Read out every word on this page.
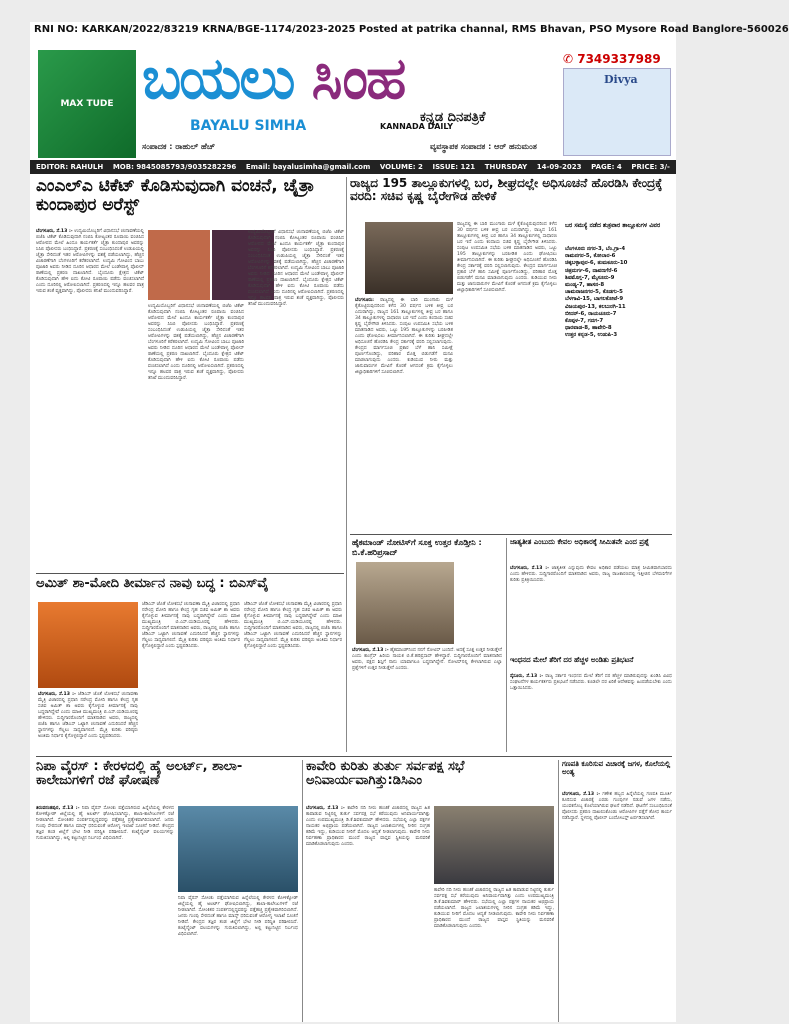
RNI NO: KARKAN/2022/83219 KRNA/BGE-1174/2023-2025 Posted at patrika channal, RMS Bhavan, PSO Mysore Road Banglore-560026
MAX TUDE ಬಯಲು ಸಿಂಹ
ಕನ್ನಡ ದಿನಪತ್ರಿಕೆ
BAYALU SIMHA	KANNADA DAILY
ಸಂಪಾದಕ : ರಾಹುಲ್ ಹೆಚ್	ವ್ಯವಸ್ಥಾಪಕ ಸಂಪಾದಕ : ಆರ್ ಹನುಮಂತ
✆ 7349337989
Divya
EDITOR: RAHULH MOB: 9845085793/9035282296 Email: bayalusimha@gmail.com VOLUME: 2 ISSUE: 121 THURSDAY 14-09-2023 PAGE: 4 PRICE: 3/-
ಎಂಎಲ್‌ಎ ಟಿಕೆಟ್ ಕೊಡಿಸುವುದಾಗಿ ವಂಚನೆ, ಚೈತ್ರಾ ಕುಂದಾಪುರ ಅರೆಸ್ಟ್
ಬೆಂಗಳೂರು, ಸೆ.13 :- ಉದ್ಯಮಿಯೊಬ್ಬರಿಗೆ ವಿಧಾನಸಭೆ ಚುನಾವಣೆಯಲ್ಲಿ ಬಿಜೆಪಿ ಟಿಕೆಟ್ ಕೊಡಿಸುವುದಾಗಿ ನಂಬಿಸಿ ಕೋಟ್ಯಂತರ ರೂಪಾಯಿ ವಂಚಿಸಿದ ಆರೋಪದ ಮೇಲೆ ಹಿಂದೂ ಕಾರ್ಯಕರ್ತೆ ಚೈತ್ರಾ ಕುಂದಾಪುರ ಅವರನ್ನು ಸಿಸಿಬಿ ಪೊಲೀಸರು ಬಂಧಿಸಿದ್ದಾರೆ. ಪ್ರಕರಣಕ್ಕೆ ಸಂಬಂಧಿಸಿದಂತೆ ಉಡುಪಿಯಲ್ಲಿ ಚೈತ್ರಾ ಸೇರಿದಂತೆ ಇತರ ಆರೋಪಿಗಳನ್ನು ವಶಕ್ಕೆ ಪಡೆಯಲಾಗಿದ್ದು, ಹೆಚ್ಚಿನ ವಿಚಾರಣೆಗಾಗಿ ಬೆಂಗಳೂರಿಗೆ ಕರೆತರಲಾಗಿದೆ. ಉದ್ಯಮಿ ಗೋವಿಂದ ಬಾಬು ಪೂಜಾರಿ ಅವರು ನೀಡಿದ ದೂರಿನ ಆಧಾರದ ಮೇಲೆ ಬಂಡೇಪಾಳ್ಯ ಪೊಲೀಸ್ ಠಾಣೆಯಲ್ಲಿ ಪ್ರಕರಣ ದಾಖಲಾಗಿದೆ. ಬೈಂದೂರು ಕ್ಷೇತ್ರದ ಟಿಕೆಟ್ ಕೊಡಿಸುವುದಾಗಿ ಹೇಳಿ ಐದು ಕೋಟಿ ರೂಪಾಯಿ ಪಡೆದು ವಂಚಿಸಲಾಗಿದೆ ಎಂದು ದೂರಿನಲ್ಲಿ ಆರೋಪಿಸಲಾಗಿದೆ. ಪ್ರಕರಣದಲ್ಲಿ ಇನ್ನೂ ಹಲವರ ಪಾತ್ರ ಇರುವ ಶಂಕೆ ವ್ಯಕ್ತವಾಗಿದ್ದು, ಪೊಲೀಸರು ತನಿಖೆ ಮುಂದುವರಿಸಿದ್ದಾರೆ.
ಉದ್ಯಮಿಯೊಬ್ಬರಿಗೆ ವಿಧಾನಸಭೆ ಚುನಾವಣೆಯಲ್ಲಿ ಬಿಜೆಪಿ ಟಿಕೆಟ್ ಕೊಡಿಸುವುದಾಗಿ ನಂಬಿಸಿ ಕೋಟ್ಯಂತರ ರೂಪಾಯಿ ವಂಚಿಸಿದ ಆರೋಪದ ಮೇಲೆ ಹಿಂದೂ ಕಾರ್ಯಕರ್ತೆ ಚೈತ್ರಾ ಕುಂದಾಪುರ ಅವರನ್ನು ಸಿಸಿಬಿ ಪೊಲೀಸರು ಬಂಧಿಸಿದ್ದಾರೆ. ಪ್ರಕರಣಕ್ಕೆ ಸಂಬಂಧಿಸಿದಂತೆ ಉಡುಪಿಯಲ್ಲಿ ಚೈತ್ರಾ ಸೇರಿದಂತೆ ಇತರ ಆರೋಪಿಗಳನ್ನು ವಶಕ್ಕೆ ಪಡೆಯಲಾಗಿದ್ದು, ಹೆಚ್ಚಿನ ವಿಚಾರಣೆಗಾಗಿ ಬೆಂಗಳೂರಿಗೆ ಕರೆತರಲಾಗಿದೆ. ಉದ್ಯಮಿ ಗೋವಿಂದ ಬಾಬು ಪೂಜಾರಿ ಅವರು ನೀಡಿದ ದೂರಿನ ಆಧಾರದ ಮೇಲೆ ಬಂಡೇಪಾಳ್ಯ ಪೊಲೀಸ್ ಠಾಣೆಯಲ್ಲಿ ಪ್ರಕರಣ ದಾಖಲಾಗಿದೆ. ಬೈಂದೂರು ಕ್ಷೇತ್ರದ ಟಿಕೆಟ್ ಕೊಡಿಸುವುದಾಗಿ ಹೇಳಿ ಐದು ಕೋಟಿ ರೂಪಾಯಿ ಪಡೆದು ವಂಚಿಸಲಾಗಿದೆ ಎಂದು ದೂರಿನಲ್ಲಿ ಆರೋಪಿಸಲಾಗಿದೆ. ಪ್ರಕರಣದಲ್ಲಿ ಇನ್ನೂ ಹಲವರ ಪಾತ್ರ ಇರುವ ಶಂಕೆ ವ್ಯಕ್ತವಾಗಿದ್ದು, ಪೊಲೀಸರು ತನಿಖೆ ಮುಂದುವರಿಸಿದ್ದಾರೆ.
ಉದ್ಯಮಿಯೊಬ್ಬರಿಗೆ ವಿಧಾನಸಭೆ ಚುನಾವಣೆಯಲ್ಲಿ ಬಿಜೆಪಿ ಟಿಕೆಟ್ ಕೊಡಿಸುವುದಾಗಿ ನಂಬಿಸಿ ಕೋಟ್ಯಂತರ ರೂಪಾಯಿ ವಂಚಿಸಿದ ಆರೋಪದ ಮೇಲೆ ಹಿಂದೂ ಕಾರ್ಯಕರ್ತೆ ಚೈತ್ರಾ ಕುಂದಾಪುರ ಅವರನ್ನು ಸಿಸಿಬಿ ಪೊಲೀಸರು ಬಂಧಿಸಿದ್ದಾರೆ. ಪ್ರಕರಣಕ್ಕೆ ಸಂಬಂಧಿಸಿದಂತೆ ಉಡುಪಿಯಲ್ಲಿ ಚೈತ್ರಾ ಸೇರಿದಂತೆ ಇತರ ಆರೋಪಿಗಳನ್ನು ವಶಕ್ಕೆ ಪಡೆಯಲಾಗಿದ್ದು, ಹೆಚ್ಚಿನ ವಿಚಾರಣೆಗಾಗಿ ಬೆಂಗಳೂರಿಗೆ ಕರೆತರಲಾಗಿದೆ. ಉದ್ಯಮಿ ಗೋವಿಂದ ಬಾಬು ಪೂಜಾರಿ ಅವರು ನೀಡಿದ ದೂರಿನ ಆಧಾರದ ಮೇಲೆ ಬಂಡೇಪಾಳ್ಯ ಪೊಲೀಸ್ ಠಾಣೆಯಲ್ಲಿ ಪ್ರಕರಣ ದಾಖಲಾಗಿದೆ. ಬೈಂದೂರು ಕ್ಷೇತ್ರದ ಟಿಕೆಟ್ ಕೊಡಿಸುವುದಾಗಿ ಹೇಳಿ ಐದು ಕೋಟಿ ರೂಪಾಯಿ ಪಡೆದು ವಂಚಿಸಲಾಗಿದೆ ಎಂದು ದೂರಿನಲ್ಲಿ ಆರೋಪಿಸಲಾಗಿದೆ. ಪ್ರಕರಣದಲ್ಲಿ ಇನ್ನೂ ಹಲವರ ಪಾತ್ರ ಇರುವ ಶಂಕೆ ವ್ಯಕ್ತವಾಗಿದ್ದು, ಪೊಲೀಸರು ತನಿಖೆ ಮುಂದುವರಿಸಿದ್ದಾರೆ.
ರಾಜ್ಯದ 195 ತಾಲ್ಲೂಕುಗಳಲ್ಲಿ ಬರ, ಶೀಘ್ರದಲ್ಲೇ ಅಧಿಸೂಚನೆ ಹೊರಡಿಸಿ ಕೇಂದ್ರಕ್ಕೆ ವರದಿ: ಸಚಿವ ಕೃಷ್ಣ ಬೈರೇಗೌಡ ಹೇಳಿಕೆ
ಬೆಂಗಳೂರು: ರಾಜ್ಯದಲ್ಲಿ ಈ ಬಾರಿ ಮುಂಗಾರು ಮಳೆ ಕೈಕೊಟ್ಟಿರುವುದರಿಂದ ಕಳೆದ 30 ವರ್ಷದ ಬಳಿಕ ತೀವ್ರ ಬರ ಎದುರಾಗಿದ್ದು, ರಾಜ್ಯದ 161 ತಾಲ್ಲೂಕುಗಳಲ್ಲಿ ತೀವ್ರ ಬರ ಹಾಗೂ 34 ತಾಲ್ಲೂಕುಗಳಲ್ಲಿ ಸಾಧಾರಣ ಬರ ಇದೆ ಎಂದು ಕಂದಾಯ ಸಚಿವ ಕೃಷ್ಣ ಬೈರೇಗೌಡ ತಿಳಿಸಿದರು. ಸಂಪುಟ ಉಪಸಮಿತಿ ಸಭೆಯ ಬಳಿಕ ಮಾತನಾಡಿದ ಅವರು, ಒಟ್ಟು 195 ತಾಲ್ಲೂಕುಗಳನ್ನು ಬರಪೀಡಿತ ಎಂದು ಘೋಷಿಸಲು ತೀರ್ಮಾನಿಸಲಾಗಿದೆ. ಈ ಕುರಿತು ಶೀಘ್ರದಲ್ಲೇ ಅಧಿಸೂಚನೆ ಹೊರಡಿಸಿ ಕೇಂದ್ರ ಸರ್ಕಾರಕ್ಕೆ ವರದಿ ಸಲ್ಲಿಸಲಾಗುವುದು. ಕೇಂದ್ರದ ಮಾರ್ಗಸೂಚಿ ಪ್ರಕಾರ ಬೆಳೆ ಹಾನಿ ಸಮೀಕ್ಷೆ ಪೂರ್ಣಗೊಂಡಿದ್ದು, ಪರಿಹಾರ ಮೊತ್ತ ಬಿಡುಗಡೆಗೆ ಮನವಿ ಮಾಡಲಾಗುವುದು ಎಂದರು. ಕುಡಿಯುವ ನೀರು ಮತ್ತು ಜಾನುವಾರುಗಳ ಮೇವಿಗೆ ಕೊರತೆ ಆಗದಂತೆ ಕ್ರಮ ಕೈಗೊಳ್ಳಲು ಜಿಲ್ಲಾಧಿಕಾರಿಗಳಿಗೆ ಸೂಚಿಸಲಾಗಿದೆ.
ರಾಜ್ಯದಲ್ಲಿ ಈ ಬಾರಿ ಮುಂಗಾರು ಮಳೆ ಕೈಕೊಟ್ಟಿರುವುದರಿಂದ ಕಳೆದ 30 ವರ್ಷದ ಬಳಿಕ ತೀವ್ರ ಬರ ಎದುರಾಗಿದ್ದು, ರಾಜ್ಯದ 161 ತಾಲ್ಲೂಕುಗಳಲ್ಲಿ ತೀವ್ರ ಬರ ಹಾಗೂ 34 ತಾಲ್ಲೂಕುಗಳಲ್ಲಿ ಸಾಧಾರಣ ಬರ ಇದೆ ಎಂದು ಕಂದಾಯ ಸಚಿವ ಕೃಷ್ಣ ಬೈರೇಗೌಡ ತಿಳಿಸಿದರು. ಸಂಪುಟ ಉಪಸಮಿತಿ ಸಭೆಯ ಬಳಿಕ ಮಾತನಾಡಿದ ಅವರು, ಒಟ್ಟು 195 ತಾಲ್ಲೂಕುಗಳನ್ನು ಬರಪೀಡಿತ ಎಂದು ಘೋಷಿಸಲು ತೀರ್ಮಾನಿಸಲಾಗಿದೆ. ಈ ಕುರಿತು ಶೀಘ್ರದಲ್ಲೇ ಅಧಿಸೂಚನೆ ಹೊರಡಿಸಿ ಕೇಂದ್ರ ಸರ್ಕಾರಕ್ಕೆ ವರದಿ ಸಲ್ಲಿಸಲಾಗುವುದು. ಕೇಂದ್ರದ ಮಾರ್ಗಸೂಚಿ ಪ್ರಕಾರ ಬೆಳೆ ಹಾನಿ ಸಮೀಕ್ಷೆ ಪೂರ್ಣಗೊಂಡಿದ್ದು, ಪರಿಹಾರ ಮೊತ್ತ ಬಿಡುಗಡೆಗೆ ಮನವಿ ಮಾಡಲಾಗುವುದು ಎಂದರು. ಕುಡಿಯುವ ನೀರು ಮತ್ತು ಜಾನುವಾರುಗಳ ಮೇವಿಗೆ ಕೊರತೆ ಆಗದಂತೆ ಕ್ರಮ ಕೈಗೊಳ್ಳಲು ಜಿಲ್ಲಾಧಿಕಾರಿಗಳಿಗೆ ಸೂಚಿಸಲಾಗಿದೆ.
ಬರ ಸಮಸ್ಯೆ ನಡೆದ ಶುಕ್ರವಾರ ತಾಲ್ಲೂಕುಗಳ ವಿವರ
ಬೆಂಗಳೂರು ನಗರ-3, ಬೆಂ.ಗ್ರಾ-4
ರಾಮನಗರ-5, ಕೋಲಾರ-6
ಚಿಕ್ಕಬಳ್ಳಾಪುರ-6, ತುಮಕೂರು-10
ಚಿತ್ರದುರ್ಗ-6, ದಾವಣಗೆರೆ-6
ಶಿವಮೊಗ್ಗ-7, ಮೈಸೂರು-9
ಮಂಡ್ಯ-7, ಹಾಸನ-8
ಚಾಮರಾಜನಗರ-5, ಕೊಡಗು-5
ಬೆಳಗಾವಿ-15, ಬಾಗಲಕೋಟೆ-9
ವಿಜಯಪುರ-13, ಕಲಬುರಗಿ-11
ಬೀದರ್-6, ರಾಯಚೂರು-7
ಕೊಪ್ಪಳ-7, ಗದಗ-7
ಧಾರವಾಡ-8, ಹಾವೇರಿ-8
ಉತ್ತರ ಕನ್ನಡ-5, ಉಡುಪಿ-3
ಹೈಕಮಾಂಡ್ ನೋಟಿಸ್‌ಗೆ ಸೂಕ್ತ ಉತ್ತರ ಕೊಡ್ತೀನಿ : ಬಿ.ಕೆ.ಹರಿಪ್ರಸಾದ್
ಬೆಂಗಳೂರು, ಸೆ.13 :- ಹೈಕಮಾಂಡ್‌ನಿಂದ ನನಗೆ ನೋಟಿಸ್ ಬಂದಿದೆ. ಅದಕ್ಕೆ ಸೂಕ್ತ ಉತ್ತರ ನೀಡುತ್ತೇನೆ ಎಂದು ಕಾಂಗ್ರೆಸ್ ಹಿರಿಯ ನಾಯಕ ಬಿ.ಕೆ.ಹರಿಪ್ರಸಾದ್ ಹೇಳಿದ್ದಾರೆ. ಸುದ್ದಿಗಾರರೊಂದಿಗೆ ಮಾತನಾಡಿದ ಅವರು, ಪಕ್ಷದ ಶಿಸ್ತಿಗೆ ನಾನು ಯಾವಾಗಲೂ ಬದ್ಧನಾಗಿದ್ದೇನೆ. ನೋಟಿಸ್‌ನಲ್ಲಿ ಕೇಳಲಾಗಿರುವ ಎಲ್ಲಾ ಪ್ರಶ್ನೆಗಳಿಗೆ ಉತ್ತರ ನೀಡುತ್ತೇನೆ ಎಂದರು.
ಜಾತ್ಯತೀತ ಎಂಬುದು ಕೇವಲ ಅಧಿಕಾರಕ್ಕೆ ಸೀಮಿತವೇ ಎಂದ ಪ್ರಶ್ನೆ
ಬೆಂಗಳೂರು, ಸೆ.13 :- ಜಾತ್ಯತೀತ ಎನ್ನುವುದು ಕೇವಲ ಅಧಿಕಾರ ಪಡೆಯಲು ಮಾತ್ರ ಸೀಮಿತವಾಗಬಾರದು ಎಂದು ಹೇಳಿದರು. ಸುದ್ದಿಗಾರರೊಂದಿಗೆ ಮಾತನಾಡಿದ ಅವರು, ರಾಜ್ಯ ರಾಜಕಾರಣದಲ್ಲಿ ಇತ್ತೀಚಿನ ಬೆಳವಣಿಗೆಗಳ ಕುರಿತು ಪ್ರತಿಕ್ರಿಯಿಸಿದರು.
ಇಂಧನದ ಮೇಲೆ ತೆರಿಗೆ ದರ ಹೆಚ್ಚಳ ಅಂಡಿತು ಪ್ರತಿಭಟನೆ
ಸೈಸೂರು, ಸೆ.13 :- ರಾಜ್ಯ ಸರ್ಕಾರ ಇಂಧನದ ಮೇಲೆ ತೆರಿಗೆ ದರ ಹೆಚ್ಚಳ ಮಾಡಿರುವುದನ್ನು ಖಂಡಿಸಿ ವಿವಿಧ ಸಂಘಟನೆಗಳ ಕಾರ್ಯಕರ್ತರು ಪ್ರತಿಭಟನೆ ನಡೆಸಿದರು. ಕೂಡಲೇ ದರ ಏರಿಕೆ ಆದೇಶವನ್ನು ಹಿಂಪಡೆಯಬೇಕು ಎಂದು ಒತ್ತಾಯಿಸಿದರು.
ಅಮಿತ್ ಶಾ-ಮೋದಿ ತೀರ್ಮಾನ ನಾವು ಬದ್ಧ : ಬಿಎಸ್‌ವೈ
ಬೆಂಗಳೂರು, ಸೆ.13 :- ಜೆಡಿಎಸ್ ಜೊತೆ ಲೋಕಸಭೆ ಚುನಾವಣಾ ಮೈತ್ರಿ ವಿಚಾರದಲ್ಲಿ ಪ್ರಧಾನಿ ನರೇಂದ್ರ ಮೋದಿ ಹಾಗೂ ಕೇಂದ್ರ ಗೃಹ ಸಚಿವ ಅಮಿತ್ ಶಾ ಅವರು ಕೈಗೊಳ್ಳುವ ತೀರ್ಮಾನಕ್ಕೆ ನಾವು ಬದ್ಧರಾಗಿದ್ದೇವೆ ಎಂದು ಮಾಜಿ ಮುಖ್ಯಮಂತ್ರಿ ಬಿ.ಎಸ್.ಯಡಿಯೂರಪ್ಪ ಹೇಳಿದರು. ಸುದ್ದಿಗಾರರೊಂದಿಗೆ ಮಾತನಾಡಿದ ಅವರು, ರಾಜ್ಯದಲ್ಲಿ ಬಿಜೆಪಿ ಹಾಗೂ ಜೆಡಿಎಸ್ ಒಟ್ಟಾಗಿ ಚುನಾವಣೆ ಎದುರಿಸಿದರೆ ಹೆಚ್ಚಿನ ಸ್ಥಾನಗಳನ್ನು ಗೆಲ್ಲಲು ಸಾಧ್ಯವಾಗಲಿದೆ. ಮೈತ್ರಿ ಕುರಿತು ವರಿಷ್ಠರು ಅಂತಿಮ ನಿರ್ಧಾರ ಕೈಗೊಳ್ಳಲಿದ್ದಾರೆ ಎಂದು ಸ್ಪಷ್ಟಪಡಿಸಿದರು.
ಜೆಡಿಎಸ್ ಜೊತೆ ಲೋಕಸಭೆ ಚುನಾವಣಾ ಮೈತ್ರಿ ವಿಚಾರದಲ್ಲಿ ಪ್ರಧಾನಿ ನರೇಂದ್ರ ಮೋದಿ ಹಾಗೂ ಕೇಂದ್ರ ಗೃಹ ಸಚಿವ ಅಮಿತ್ ಶಾ ಅವರು ಕೈಗೊಳ್ಳುವ ತೀರ್ಮಾನಕ್ಕೆ ನಾವು ಬದ್ಧರಾಗಿದ್ದೇವೆ ಎಂದು ಮಾಜಿ ಮುಖ್ಯಮಂತ್ರಿ ಬಿ.ಎಸ್.ಯಡಿಯೂರಪ್ಪ ಹೇಳಿದರು. ಸುದ್ದಿಗಾರರೊಂದಿಗೆ ಮಾತನಾಡಿದ ಅವರು, ರಾಜ್ಯದಲ್ಲಿ ಬಿಜೆಪಿ ಹಾಗೂ ಜೆಡಿಎಸ್ ಒಟ್ಟಾಗಿ ಚುನಾವಣೆ ಎದುರಿಸಿದರೆ ಹೆಚ್ಚಿನ ಸ್ಥಾನಗಳನ್ನು ಗೆಲ್ಲಲು ಸಾಧ್ಯವಾಗಲಿದೆ. ಮೈತ್ರಿ ಕುರಿತು ವರಿಷ್ಠರು ಅಂತಿಮ ನಿರ್ಧಾರ ಕೈಗೊಳ್ಳಲಿದ್ದಾರೆ ಎಂದು ಸ್ಪಷ್ಟಪಡಿಸಿದರು.
ಜೆಡಿಎಸ್ ಜೊತೆ ಲೋಕಸಭೆ ಚುನಾವಣಾ ಮೈತ್ರಿ ವಿಚಾರದಲ್ಲಿ ಪ್ರಧಾನಿ ನರೇಂದ್ರ ಮೋದಿ ಹಾಗೂ ಕೇಂದ್ರ ಗೃಹ ಸಚಿವ ಅಮಿತ್ ಶಾ ಅವರು ಕೈಗೊಳ್ಳುವ ತೀರ್ಮಾನಕ್ಕೆ ನಾವು ಬದ್ಧರಾಗಿದ್ದೇವೆ ಎಂದು ಮಾಜಿ ಮುಖ್ಯಮಂತ್ರಿ ಬಿ.ಎಸ್.ಯಡಿಯೂರಪ್ಪ ಹೇಳಿದರು. ಸುದ್ದಿಗಾರರೊಂದಿಗೆ ಮಾತನಾಡಿದ ಅವರು, ರಾಜ್ಯದಲ್ಲಿ ಬಿಜೆಪಿ ಹಾಗೂ ಜೆಡಿಎಸ್ ಒಟ್ಟಾಗಿ ಚುನಾವಣೆ ಎದುರಿಸಿದರೆ ಹೆಚ್ಚಿನ ಸ್ಥಾನಗಳನ್ನು ಗೆಲ್ಲಲು ಸಾಧ್ಯವಾಗಲಿದೆ. ಮೈತ್ರಿ ಕುರಿತು ವರಿಷ್ಠರು ಅಂತಿಮ ನಿರ್ಧಾರ ಕೈಗೊಳ್ಳಲಿದ್ದಾರೆ ಎಂದು ಸ್ಪಷ್ಟಪಡಿಸಿದರು.
ನಿಪಾ ವೈರಸ್ : ಕೇರಳದಲ್ಲಿ ಹೈ ಅಲರ್ಟ್, ಶಾಲಾ-ಕಾಲೇಜುಗಳಿಗೆ ರಜೆ ಘೋಷಣೆ
ತಿರುವನಂತಪುರ, ಸೆ.13 :- ನಿಪಾ ವೈರಸ್ ಸೋಂಕು ಪತ್ತೆಯಾಗಿರುವ ಹಿನ್ನೆಲೆಯಲ್ಲಿ ಕೇರಳದ ಕೋಳಿಕ್ಕೋಡ್ ಜಿಲ್ಲೆಯಲ್ಲಿ ಹೈ ಅಲರ್ಟ್ ಘೋಷಿಸಲಾಗಿದ್ದು, ಶಾಲಾ-ಕಾಲೇಜುಗಳಿಗೆ ರಜೆ ನೀಡಲಾಗಿದೆ. ಸೋಂಕಿತರ ಸಂಪರ್ಕದಲ್ಲಿದ್ದವರನ್ನು ಪತ್ತೆಹಚ್ಚಿ ಪ್ರತ್ಯೇಕವಾಗಿರಿಸಲಾಗಿದೆ. ಜನರು ಗುಂಪು ಸೇರದಂತೆ ಹಾಗೂ ಮಾಸ್ಕ್ ಧರಿಸುವಂತೆ ಆರೋಗ್ಯ ಇಲಾಖೆ ಸೂಚನೆ ನೀಡಿದೆ. ಕೇಂದ್ರದ ತಜ್ಞರ ತಂಡ ಜಿಲ್ಲೆಗೆ ಭೇಟಿ ನೀಡಿ ಪರಿಸ್ಥಿತಿ ಪರಿಶೀಲಿಸಿದೆ. ಕಂಟೈನ್ಮೆಂಟ್ ವಲಯಗಳನ್ನು ಗುರುತಿಸಲಾಗಿದ್ದು, ಅಲ್ಲಿ ಕಟ್ಟುನಿಟ್ಟಿನ ನಿರ್ಬಂಧ ವಿಧಿಸಲಾಗಿದೆ.
ನಿಪಾ ವೈರಸ್ ಸೋಂಕು ಪತ್ತೆಯಾಗಿರುವ ಹಿನ್ನೆಲೆಯಲ್ಲಿ ಕೇರಳದ ಕೋಳಿಕ್ಕೋಡ್ ಜಿಲ್ಲೆಯಲ್ಲಿ ಹೈ ಅಲರ್ಟ್ ಘೋಷಿಸಲಾಗಿದ್ದು, ಶಾಲಾ-ಕಾಲೇಜುಗಳಿಗೆ ರಜೆ ನೀಡಲಾಗಿದೆ. ಸೋಂಕಿತರ ಸಂಪರ್ಕದಲ್ಲಿದ್ದವರನ್ನು ಪತ್ತೆಹಚ್ಚಿ ಪ್ರತ್ಯೇಕವಾಗಿರಿಸಲಾಗಿದೆ. ಜನರು ಗುಂಪು ಸೇರದಂತೆ ಹಾಗೂ ಮಾಸ್ಕ್ ಧರಿಸುವಂತೆ ಆರೋಗ್ಯ ಇಲಾಖೆ ಸೂಚನೆ ನೀಡಿದೆ. ಕೇಂದ್ರದ ತಜ್ಞರ ತಂಡ ಜಿಲ್ಲೆಗೆ ಭೇಟಿ ನೀಡಿ ಪರಿಸ್ಥಿತಿ ಪರಿಶೀಲಿಸಿದೆ. ಕಂಟೈನ್ಮೆಂಟ್ ವಲಯಗಳನ್ನು ಗುರುತಿಸಲಾಗಿದ್ದು, ಅಲ್ಲಿ ಕಟ್ಟುನಿಟ್ಟಿನ ನಿರ್ಬಂಧ ವಿಧಿಸಲಾಗಿದೆ.
ಕಾವೇರಿ ಕುರಿತು ತುರ್ತು ಸರ್ವಪಕ್ಷ ಸಭೆ ಅನಿವಾರ್ಯವಾಗಿತ್ತು:ಡಿಸಿಎಂ
ಬೆಂಗಳೂರು, ಸೆ.13 :- ಕಾವೇರಿ ನದಿ ನೀರು ಹಂಚಿಕೆ ವಿಚಾರದಲ್ಲಿ ರಾಜ್ಯದ ಹಿತ ಕಾಪಾಡುವ ನಿಟ್ಟಿನಲ್ಲಿ ತುರ್ತು ಸರ್ವಪಕ್ಷ ಸಭೆ ಕರೆಯುವುದು ಅನಿವಾರ್ಯವಾಗಿತ್ತು ಎಂದು ಉಪಮುಖ್ಯಮಂತ್ರಿ ಡಿ.ಕೆ.ಶಿವಕುಮಾರ್ ಹೇಳಿದರು. ಸಭೆಯಲ್ಲಿ ಎಲ್ಲಾ ಪಕ್ಷಗಳ ನಾಯಕರ ಅಭಿಪ್ರಾಯ ಪಡೆಯಲಾಗಿದೆ. ರಾಜ್ಯದ ಜಲಾಶಯಗಳಲ್ಲಿ ನೀರಿನ ಸಂಗ್ರಹ ಕಡಿಮೆ ಇದ್ದು, ಕುಡಿಯುವ ನೀರಿಗೆ ಮೊದಲ ಆದ್ಯತೆ ನೀಡಲಾಗುವುದು. ಕಾವೇರಿ ನೀರು ನಿರ್ವಹಣಾ ಪ್ರಾಧಿಕಾರದ ಮುಂದೆ ರಾಜ್ಯದ ವಾಸ್ತವ ಸ್ಥಿತಿಯನ್ನು ಮನವರಿಕೆ ಮಾಡಿಕೊಡಲಾಗುವುದು ಎಂದರು.
ಕಾವೇರಿ ನದಿ ನೀರು ಹಂಚಿಕೆ ವಿಚಾರದಲ್ಲಿ ರಾಜ್ಯದ ಹಿತ ಕಾಪಾಡುವ ನಿಟ್ಟಿನಲ್ಲಿ ತುರ್ತು ಸರ್ವಪಕ್ಷ ಸಭೆ ಕರೆಯುವುದು ಅನಿವಾರ್ಯವಾಗಿತ್ತು ಎಂದು ಉಪಮುಖ್ಯಮಂತ್ರಿ ಡಿ.ಕೆ.ಶಿವಕುಮಾರ್ ಹೇಳಿದರು. ಸಭೆಯಲ್ಲಿ ಎಲ್ಲಾ ಪಕ್ಷಗಳ ನಾಯಕರ ಅಭಿಪ್ರಾಯ ಪಡೆಯಲಾಗಿದೆ. ರಾಜ್ಯದ ಜಲಾಶಯಗಳಲ್ಲಿ ನೀರಿನ ಸಂಗ್ರಹ ಕಡಿಮೆ ಇದ್ದು, ಕುಡಿಯುವ ನೀರಿಗೆ ಮೊದಲ ಆದ್ಯತೆ ನೀಡಲಾಗುವುದು. ಕಾವೇರಿ ನೀರು ನಿರ್ವಹಣಾ ಪ್ರಾಧಿಕಾರದ ಮುಂದೆ ರಾಜ್ಯದ ವಾಸ್ತವ ಸ್ಥಿತಿಯನ್ನು ಮನವರಿಕೆ ಮಾಡಿಕೊಡಲಾಗುವುದು ಎಂದರು.
ಗಣಪತಿ ಕೂರಿಸುವ ವಿಚಾರಕ್ಕೆ ಜಗಳ, ಕೊಲೆಯಲ್ಲಿ ಅಂತ್ಯ
ಬೆಂಗಳೂರು, ಸೆ.13 :- ಗಣೇಶ ಹಬ್ಬದ ಹಿನ್ನೆಲೆಯಲ್ಲಿ ಗಣಪತಿ ಮೂರ್ತಿ ಕೂರಿಸುವ ವಿಚಾರಕ್ಕೆ ಎರಡು ಗುಂಪುಗಳ ನಡುವೆ ಜಗಳ ನಡೆದು, ಯುವಕನೊಬ್ಬ ಕೊಲೆಯಾಗಿರುವ ಘಟನೆ ನಡೆದಿದೆ. ಘಟನೆಗೆ ಸಂಬಂಧಿಸಿದಂತೆ ಪೊಲೀಸರು ಪ್ರಕರಣ ದಾಖಲಿಸಿಕೊಂಡು ಆರೋಪಿಗಳ ಪತ್ತೆಗೆ ಶೋಧ ಕಾರ್ಯ ನಡೆಸಿದ್ದಾರೆ. ಸ್ಥಳದಲ್ಲಿ ಪೊಲೀಸ್ ಬಂದೋಬಸ್ತ್ ಏರ್ಪಡಿಸಲಾಗಿದೆ.
